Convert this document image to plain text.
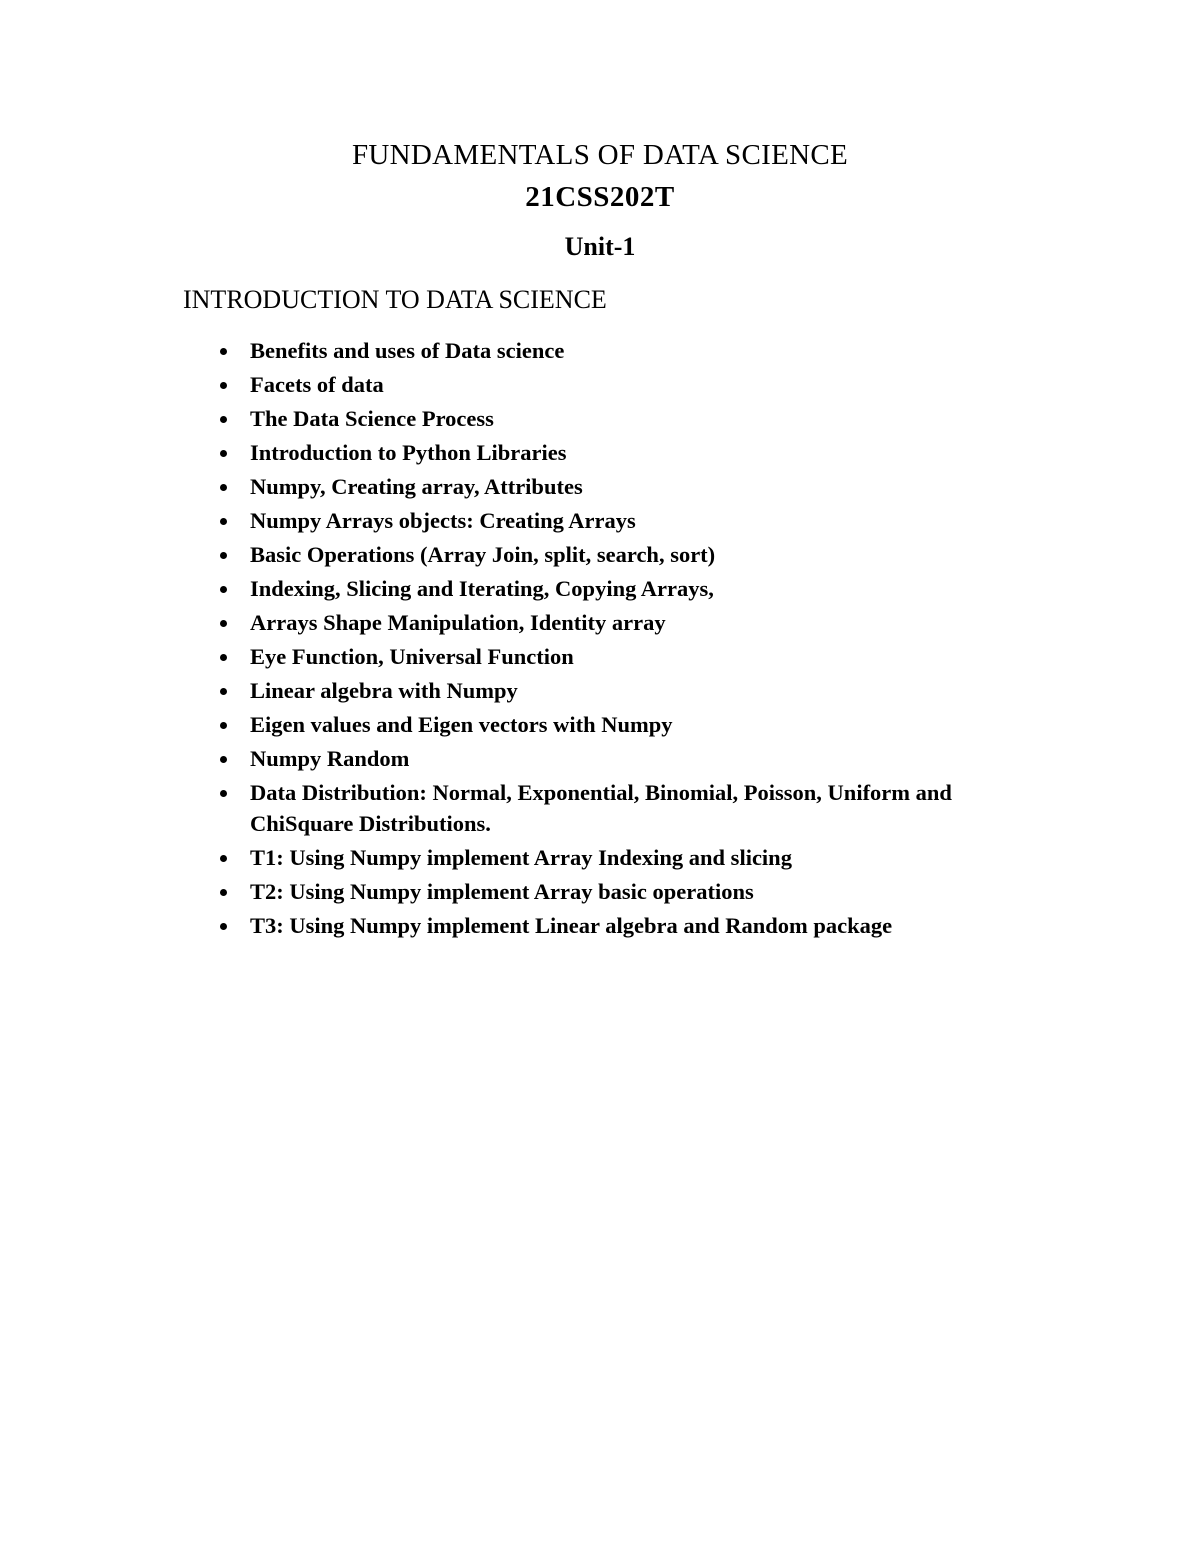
FUNDAMENTALS OF DATA SCIENCE
21CSS202T
Unit-1
INTRODUCTION TO DATA SCIENCE
Benefits and uses of Data science
Facets of data
The Data Science Process
Introduction to Python Libraries
Numpy, Creating array, Attributes
Numpy Arrays objects: Creating Arrays
Basic Operations (Array Join, split, search, sort)
Indexing, Slicing and Iterating, Copying Arrays,
Arrays Shape Manipulation, Identity array
Eye Function, Universal Function
Linear algebra with Numpy
Eigen values and Eigen vectors with Numpy
Numpy Random
Data Distribution: Normal, Exponential, Binomial, Poisson, Uniform and ChiSquare Distributions.
T1: Using Numpy implement Array Indexing and slicing
T2: Using Numpy implement Array basic operations
T3: Using Numpy implement Linear algebra and Random package
